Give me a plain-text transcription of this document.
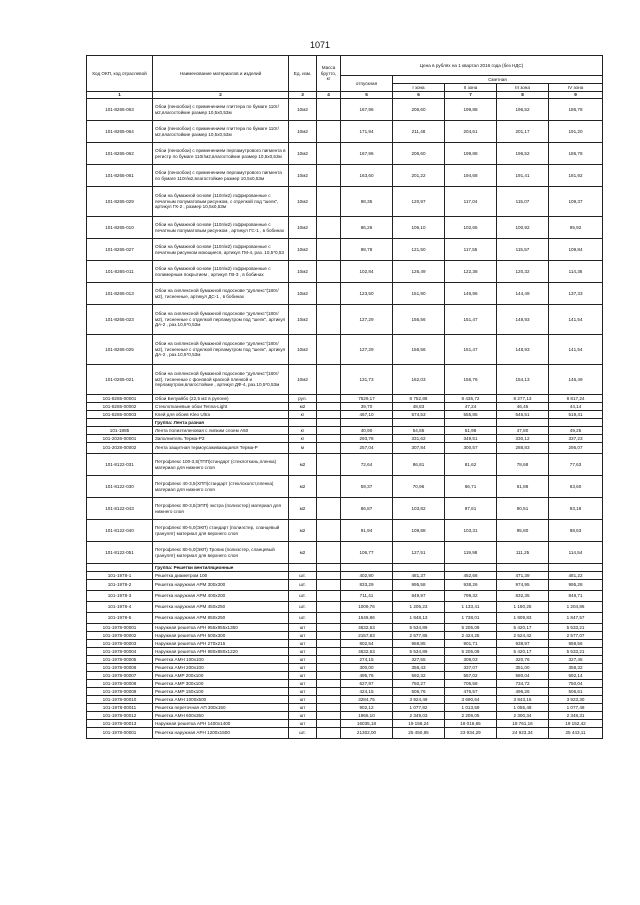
1071
Код ОКП, код отраслевой	Наименование материалов и изделий	Ед. изм.	Масса брутто, кг	Цена в рублях на 1 квартал 2016 года (без НДС)				
				отпускная	Сметная			
					I зона	II зона	III зона	IV зона
1	2	3	4	5	6	7	8	9
101-8265-063	Обои (пенообои) с применением глиттера по бумаге 110г/м2,влагостойкие размер 10,5х0,53м	10м2		167,96	206,60	199,88	196,52	186,78
101-8265-064	Обои (пенообои) с применением глиттера по бумаге 110г/м2,влагостойкие размер 10,5х0,53м	10м2		171,94	211,48	204,61	201,17	191,20
101-8265-062	Обои (пенообои) с применением перламутрового пигмента в регистр по бумаге 110г/м2,влагостойкие размер 10,5х0,53м	10м2		167,96	206,60	199,88	196,52	186,78
101-8265-061	Обои (пенообои) с применением перламутрового пигмента по бумаге 110г/м2,влагостойкие размер 10,5х0,53м	10м2		163,60	201,22	194,68	191,41	181,92
101-8265-029	Обои на бумажной основе (110г/м2) гофрированные с печатным полуматовым рисунком, с отделкой под "шелк", артикул ГК-2 , размер 10,5х0,53м	10м2		98,35	120,97	117,04	115,07	109,37
101-8265-010	Обои на бумажной основе (110г/м2) гофрированные с печатным полуматовым рисунком , артикул ГС-1 , в бобинах	10м2		86,26	106,10	102,65	100,92	95,92
101-8265-027	Обои на бумажной основе (110г/м2) гофрированные с печатным рисунком моющиеся, артикул ГМ-4, раз. 10,5*0,53	10м2		98,78	121,50	117,55	115,57	109,84
101-8265-011	Обои на бумажной основе (110г/м2) гофрированные с полимерным покрытием , артикул ГВ-3 , в бобинах	10м2		102,84	126,49	122,38	120,32	114,36
101-8265-013	Обои на сиплексной бумажной подоснове "дуплекс"(180г/м2), тисненные, артикул ДС-1 , в бобинах	10м2		123,50	151,90	146,96	144,49	137,33
101-8265-023	Обои на сиплексной бумажной подоснове "дуплекс"(180г/м2), тисненные с отделкой перламутром под "шелк", артикул ДА-2 , раз.10,5*0,53м	10м2		127,29	156,56	151,47	148,93	141,54
101-8265-025	Обои на сиплексной бумажной подоснове "дуплекс"(180г/м2), тисненные с отделкой перламутром под "шелк", артикул ДА-2 , раз.10,5*0,53м	10м2		127,29	156,56	151,47	148,93	141,54
101-0265-021	Обои на сиплексной бумажной подоснове "дуплекс"(180г/м2), тисненные с фоновой краской пленкой и перламутром,влагостойкие , артикул ДФ-4, раз.10,5*0,53м	10м2		131,73	162,03	156,76	154,13	146,49
101-8265-00001	Обои Белуайбо (22,5 м2 в рулоне)	рул.		7529,17	8 752,88	8 435,72	8 277,13	8 817,24
101-8265-00002	Стеклотканевые обои Tenna-Light	м2		39,70	48,83	47,24	46,45	44,14
101-8265-00003	Клей для обоев Kleo Ultra	кг		467,10	574,53	555,85	546,51	519,41
	Группа: Лента разная							
101-1885	Лента полиэтиленовая с липким слоем А50	кг		40,90	54,85	51,98	47,80	49,25
101-2026-00001	Заполнитель Терма-РЗ	кг		293,78	331,62	349,51	330,12	337,23
101-2028-00002	Лента защитная термоусаживающаяся Терма-Р	м		257,04	307,84	300,57	288,83	295,07
101-8122-031	Петрофлекс 100-3,5(ТПП)стандарт (стеклоткань,пленка) материал для нижнего слоя	м2		72,64	86,81	81,62	78,68	77,63
101-8122-030	Петрофлекс 40-3,5(ХПП)стандарт (стеклохолст,пленка) материал для нижнего слоя	м2		59,37	70,96	66,71	61,88	63,60
101-8122-043	Петрофлекс 80-3,5(ЭПП) экстра (полиэстер) материал для нижнего слоя	м2		86,87	103,82	97,61	90,51	93,18
101-8122-040	Петрофлекс 80-5,0(ЭКП) стандарт (полиэстер, сланцевый гранулят) материал для верхнего слоя	м2		91,94	109,88	103,31	95,80	98,63
101-8122-051	Петрофлекс 80-5,0(ЭКП) Тропик (полиэстер, сланцевый гранулят) материал для верхнего слоя	м2		106,77	127,51	119,98	111,25	114,54
	Группа: Решетки вентиляционные							
101-1978-1	Решетка диаметром 100	шт.		402,90	481,37	452,66	471,39	481,22
101-1978-2	Решетка наружная АРМ 300х300	шт.		833,29	995,58	938,26	974,95	995,28
101-1978-3	Решетка наружная АРМ 400х200	шт.		711,41	849,97	799,32	832,35	849,71
101-1978-4	Решетка наружная АРМ 450х250	шт.		1009,76	1 205,23	1 133,41	1 180,25	1 204,86
101-1978-5	Решетка наружная АРМ 850х250	шт.		1546,86	1 848,13	1 738,01	1 809,83	1 847,57
101-1978-00001	Наружная решетка АРН 955х955х1350	шт		4632,63	5 534,89	5 205,08	5 420,17	5 533,21
101-1978-00002	Наружная решетка АРН 500х300	шт		2157,83	2 577,85	2 424,25	2 524,42	2 577,07
101-1978-00003	Наружная решетка АРН 270х215	шт		802,54	958,85	901,71	938,97	958,56
101-1978-00004	Наружная решетка АРН 980х880х1220	шт		4632,63	5 534,89	5 205,08	5 420,17	5 533,21
101-1978-00005	Решетка АМН 100х100	шт		274,15	327,55	308,03	320,76	327,45
101-1978-00006	Решетка АМН 200х100	шт		300,00	358,43	337,07	351,00	358,32
101-1978-00007	Решетка АМР 200х100	шт		495,76	592,32	557,02	580,04	592,14
101-1978-00008	Решетка АМР 300х100	шт		627,97	750,27	705,58	734,72	750,04
101-1978-00009	Решетка АМР 150х100	шт		424,15	506,76	476,57	496,26	506,61
101-1978-00010	Решетка АМН 1000х500	шт		3284,75	3 924,49	3 690,64	3 843,16	3 923,30
101-1978-00011	Решетка переточная АП 300х150	шт		902,12	1 077,82	1 013,59	1 055,48	1 077,49
101-1978-00012	Решетка АМН 600х350	шт		1966,10	2 349,03	2 209,05	2 300,34	2 348,31
101-1978-00013	Наружная решетка АРН 1400х1400	шт		16035,18	19 158,24	18 016,65	18 761,16	19 152,42
101-1978-00001	Решетка наружная АРН 1200х1500	шт.		21302,00	25 450,85	23 934,29	24 923,34	25 443,11
